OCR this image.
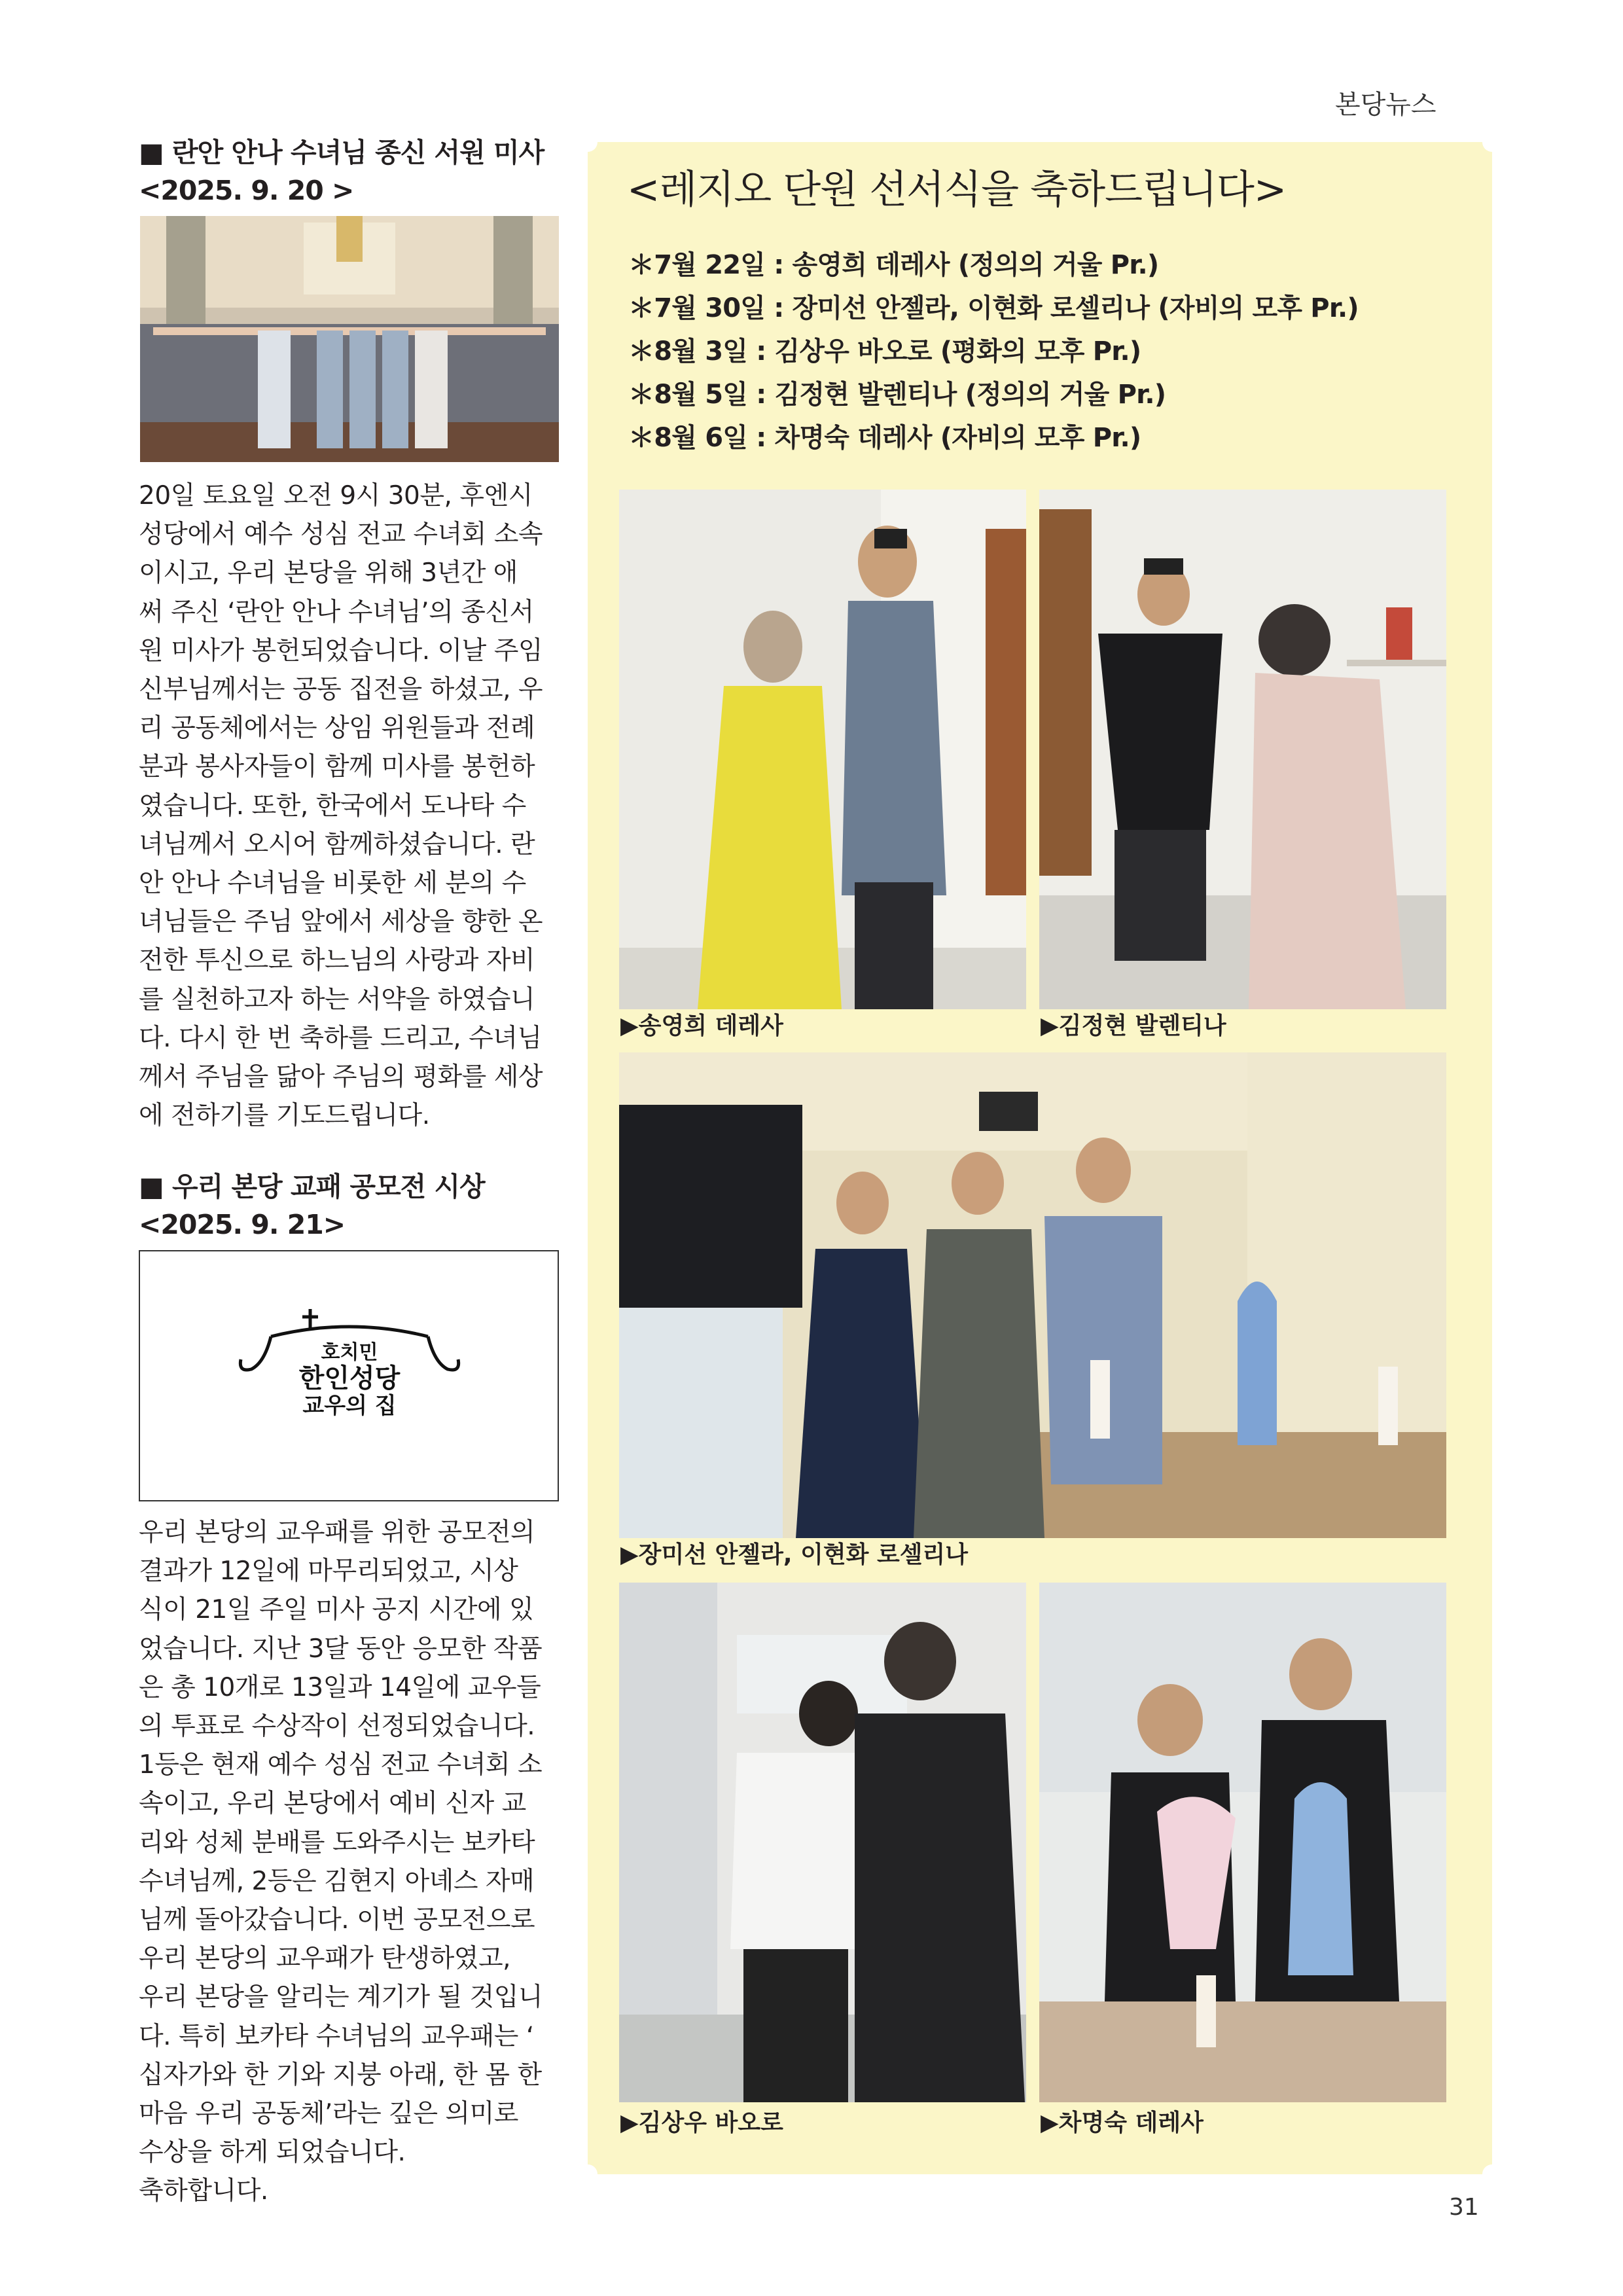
본당뉴스
31
■ 란안 안나 수녀님 종신 서원 미사
<2025. 9. 20 >
20일 토요일 오전 9시 30분, 후엔시
성당에서 예수 성심 전교 수녀회 소속
이시고, 우리 본당을 위해 3년간 애
써 주신 ‘란안 안나 수녀님’의 종신서
원 미사가 봉헌되었습니다. 이날 주임
신부님께서는 공동 집전을 하셨고, 우
리 공동체에서는 상임 위원들과 전례
분과 봉사자들이 함께 미사를 봉헌하
였습니다. 또한, 한국에서 도나타 수
녀님께서 오시어 함께하셨습니다. 란
안 안나 수녀님을 비롯한 세 분의 수
녀님들은 주님 앞에서 세상을 향한 온
전한 투신으로 하느님의 사랑과 자비
를 실천하고자 하는 서약을 하였습니
다. 다시 한 번 축하를 드리고, 수녀님
께서 주님을 닮아 주님의 평화를 세상
에 전하기를 기도드립니다.
■ 우리 본당 교패 공모전 시상
<2025. 9. 21>
호치민
한인성당
교우의 집
우리 본당의 교우패를 위한 공모전의
결과가 12일에 마무리되었고, 시상
식이 21일 주일 미사 공지 시간에 있
었습니다. 지난 3달 동안 응모한 작품
은 총 10개로 13일과 14일에 교우들
의 투표로 수상작이 선정되었습니다.
1등은 현재 예수 성심 전교 수녀회 소
속이고, 우리 본당에서 예비 신자 교
리와 성체 분배를 도와주시는 보카타
수녀님께, 2등은 김현지 아녜스 자매
님께 돌아갔습니다. 이번 공모전으로
우리 본당의 교우패가 탄생하였고,
우리 본당을 알리는 계기가 될 것입니
다. 특히 보카타 수녀님의 교우패는 ‘
십자가와 한 기와 지붕 아래, 한 몸 한
마음 우리 공동체’라는 깊은 의미로
수상을 하게 되었습니다.
축하합니다.
<레지오 단원 선서식을 축하드립니다>
＊7월 22일 : 송영희 데레사 (정의의 거울 Pr.)
＊7월 30일 : 장미선 안젤라, 이현화 로셀리나 (자비의 모후 Pr.)
＊8월 3일 : 김상우 바오로 (평화의 모후 Pr.)
＊8월 5일 : 김정현 발렌티나 (정의의 거울 Pr.)
＊8월 6일 : 차명숙 데레사 (자비의 모후 Pr.)
▶송영희 데레사	▶김정현 발렌티나
▶장미선 안젤라, 이현화 로셀리나
▶김상우 바오로	▶차명숙 데레사
